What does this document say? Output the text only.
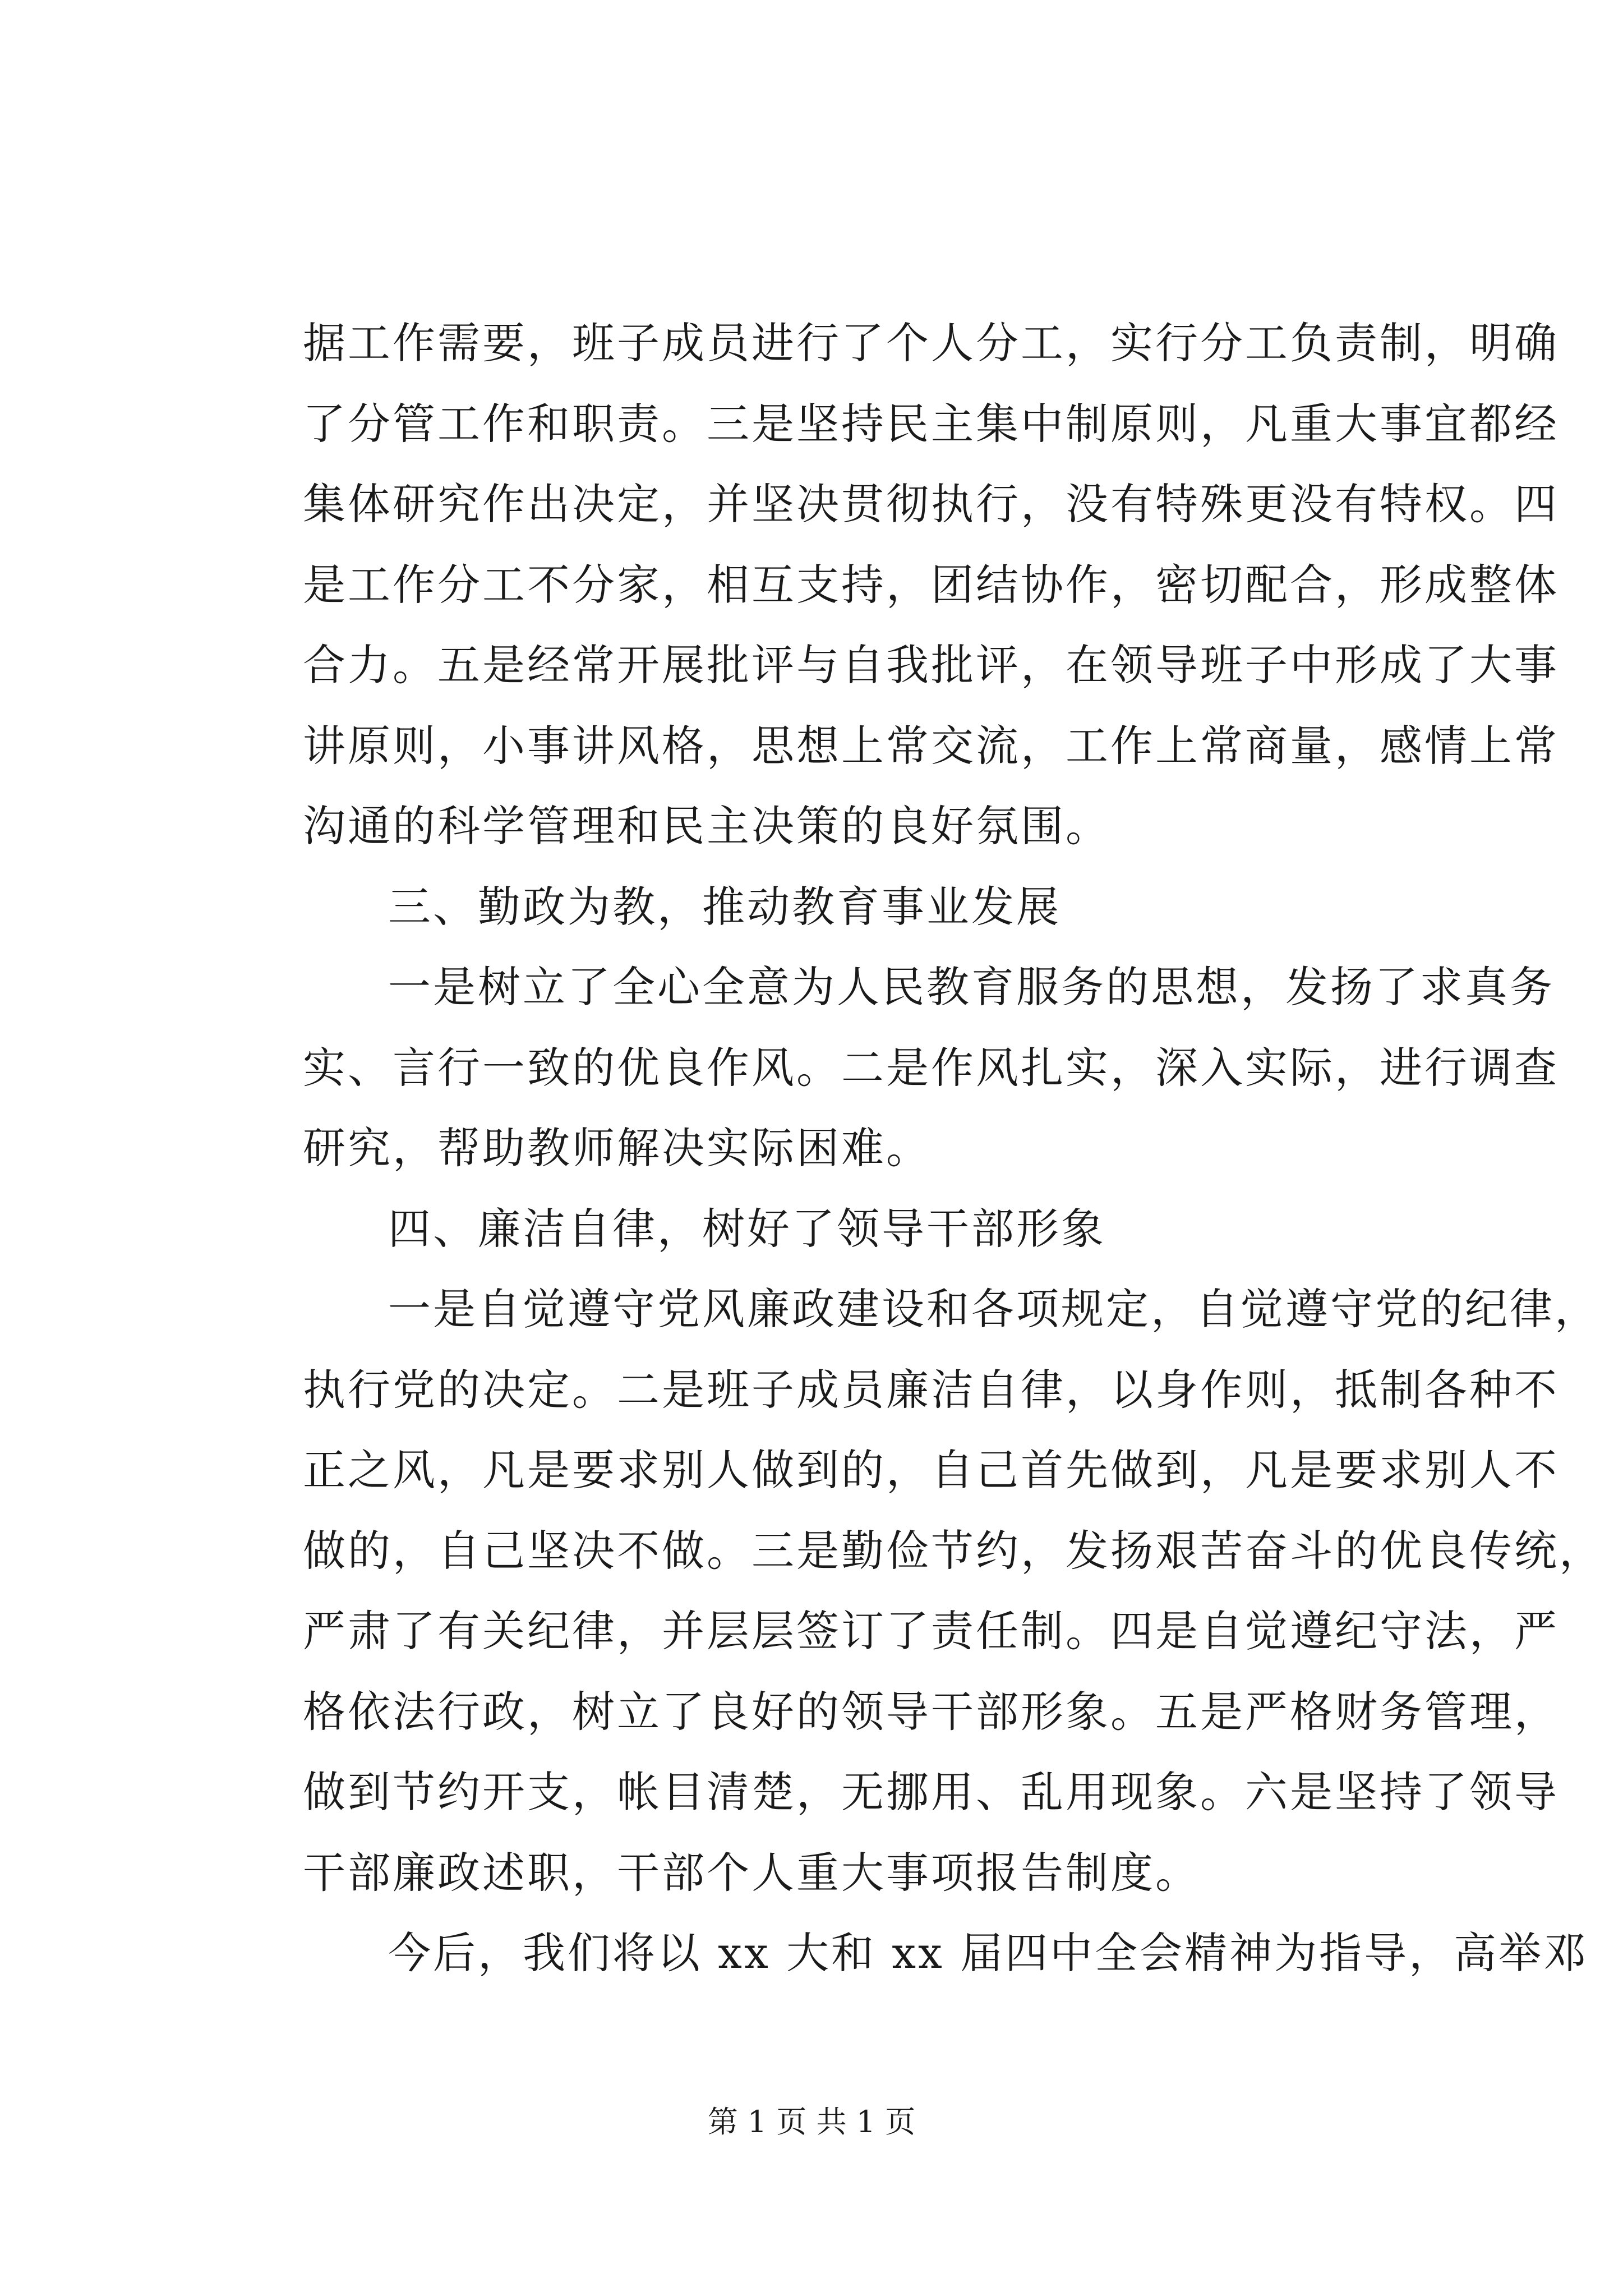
据工作需要，班子成员进行了个人分工，实行分工负责制，明确
了分管工作和职责。三是坚持民主集中制原则，凡重大事宜都经
集体研究作出决定，并坚决贯彻执行，没有特殊更没有特权。四
是工作分工不分家，相互支持，团结协作，密切配合，形成整体
合力。五是经常开展批评与自我批评，在领导班子中形成了大事
讲原则，小事讲风格，思想上常交流，工作上常商量，感情上常
沟通的科学管理和民主决策的良好氛围。
三、勤政为教，推动教育事业发展
一是树立了全心全意为人民教育服务的思想，发扬了求真务
实、言行一致的优良作风。二是作风扎实，深入实际，进行调查
研究，帮助教师解决实际困难。
四、廉洁自律，树好了领导干部形象
一是自觉遵守党风廉政建设和各项规定，自觉遵守党的纪律，
执行党的决定。二是班子成员廉洁自律，以身作则，抵制各种不
正之风，凡是要求别人做到的，自己首先做到，凡是要求别人不
做的，自己坚决不做。三是勤俭节约，发扬艰苦奋斗的优良传统，
严肃了有关纪律，并层层签订了责任制。四是自觉遵纪守法，严
格依法行政，树立了良好的领导干部形象。五是严格财务管理，
做到节约开支，帐目清楚，无挪用、乱用现象。六是坚持了领导
干部廉政述职，干部个人重大事项报告制度。
今后，我们将以 xx 大和 xx 届四中全会精神为指导，高举邓
第 1 页 共 1 页
